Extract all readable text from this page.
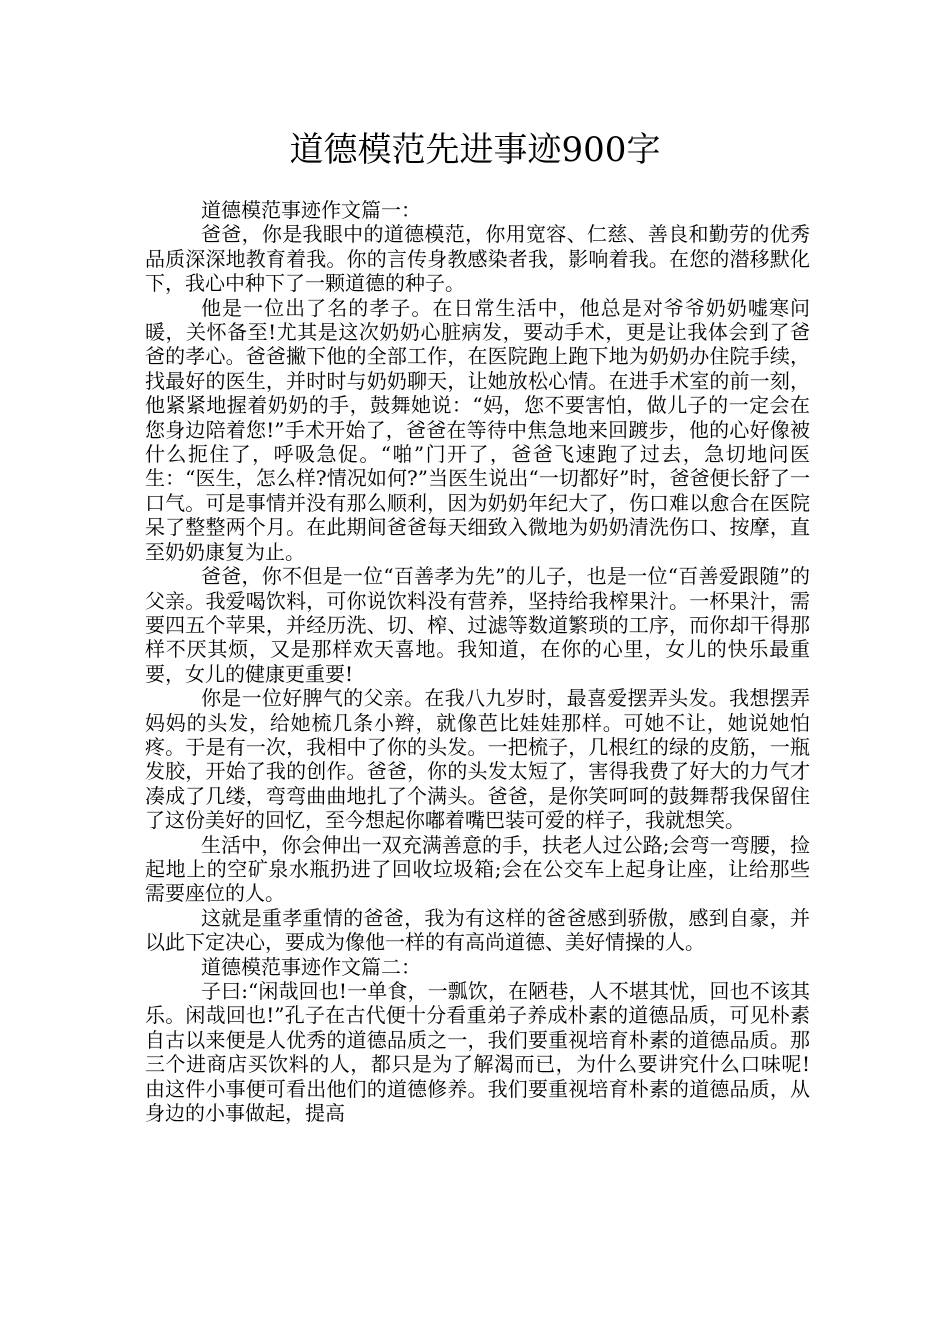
道德模范先进事迹900字

道德模范事迹作文篇一：

爸爸，你是我眼中的道德模范，你用宽容、仁慈、善良和勤劳的优秀品质深深地教育着我。你的言传身教感染者我，影响着我。在您的潜移默化下，我心中种下了一颗道德的种子。

他是一位出了名的孝子。在日常生活中，他总是对爷爷奶奶嘘寒问暖，关怀备至!尤其是这次奶奶心脏病发，要动手术，更是让我体会到了爸爸的孝心。爸爸撇下他的全部工作，在医院跑上跑下地为奶奶办住院手续，找最好的医生，并时时与奶奶聊天，让她放松心情。在进手术室的前一刻，他紧紧地握着奶奶的手，鼓舞她说：“妈，您不要害怕，做儿子的一定会在您身边陪着您!”手术开始了，爸爸在等待中焦急地来回踱步，他的心好像被什么扼住了，呼吸急促。“啪”门开了，爸爸飞速跑了过去，急切地问医生：“医生，怎么样?情况如何?”当医生说出“一切都好”时，爸爸便长舒了一口气。可是事情并没有那么顺利，因为奶奶年纪大了，伤口难以愈合在医院呆了整整两个月。在此期间爸爸每天细致入微地为奶奶清洗伤口、按摩，直至奶奶康复为止。

爸爸，你不但是一位“百善孝为先”的儿子，也是一位“百善爱跟随”的父亲。我爱喝饮料，可你说饮料没有营养，坚持给我榨果汁。一杯果汁，需要四五个苹果，并经历洗、切、榨、过滤等数道繁琐的工序，而你却干得那样不厌其烦，又是那样欢天喜地。我知道，在你的心里，女儿的快乐最重要，女儿的健康更重要!

你是一位好脾气的父亲。在我八九岁时，最喜爱摆弄头发。我想摆弄妈妈的头发，给她梳几条小辫，就像芭比娃娃那样。可她不让，她说她怕疼。于是有一次，我相中了你的头发。一把梳子，几根红的绿的皮筋，一瓶发胶，开始了我的创作。爸爸，你的头发太短了，害得我费了好大的力气才凑成了几缕，弯弯曲曲地扎了个满头。爸爸，是你笑呵呵的鼓舞帮我保留住了这份美好的回忆，至今想起你嘟着嘴巴装可爱的样子，我就想笑。

生活中，你会伸出一双充满善意的手，扶老人过公路;会弯一弯腰，捡起地上的空矿泉水瓶扔进了回收垃圾箱;会在公交车上起身让座，让给那些需要座位的人。

这就是重孝重情的爸爸，我为有这样的爸爸感到骄傲，感到自豪，并以此下定决心，要成为像他一样的有高尚道德、美好情操的人。

道德模范事迹作文篇二：

子曰:“闲哉回也!一单食，一瓢饮，在陋巷，人不堪其忧，回也不该其乐。闲哉回也!”孔子在古代便十分看重弟子养成朴素的道德品质，可见朴素自古以来便是人优秀的道德品质之一，我们要重视培育朴素的道德品质。那三个进商店买饮料的人，都只是为了解渴而已，为什么要讲究什么口味呢!由这件小事便可看出他们的道德修养。我们要重视培育朴素的道德品质，从身边的小事做起，提高
